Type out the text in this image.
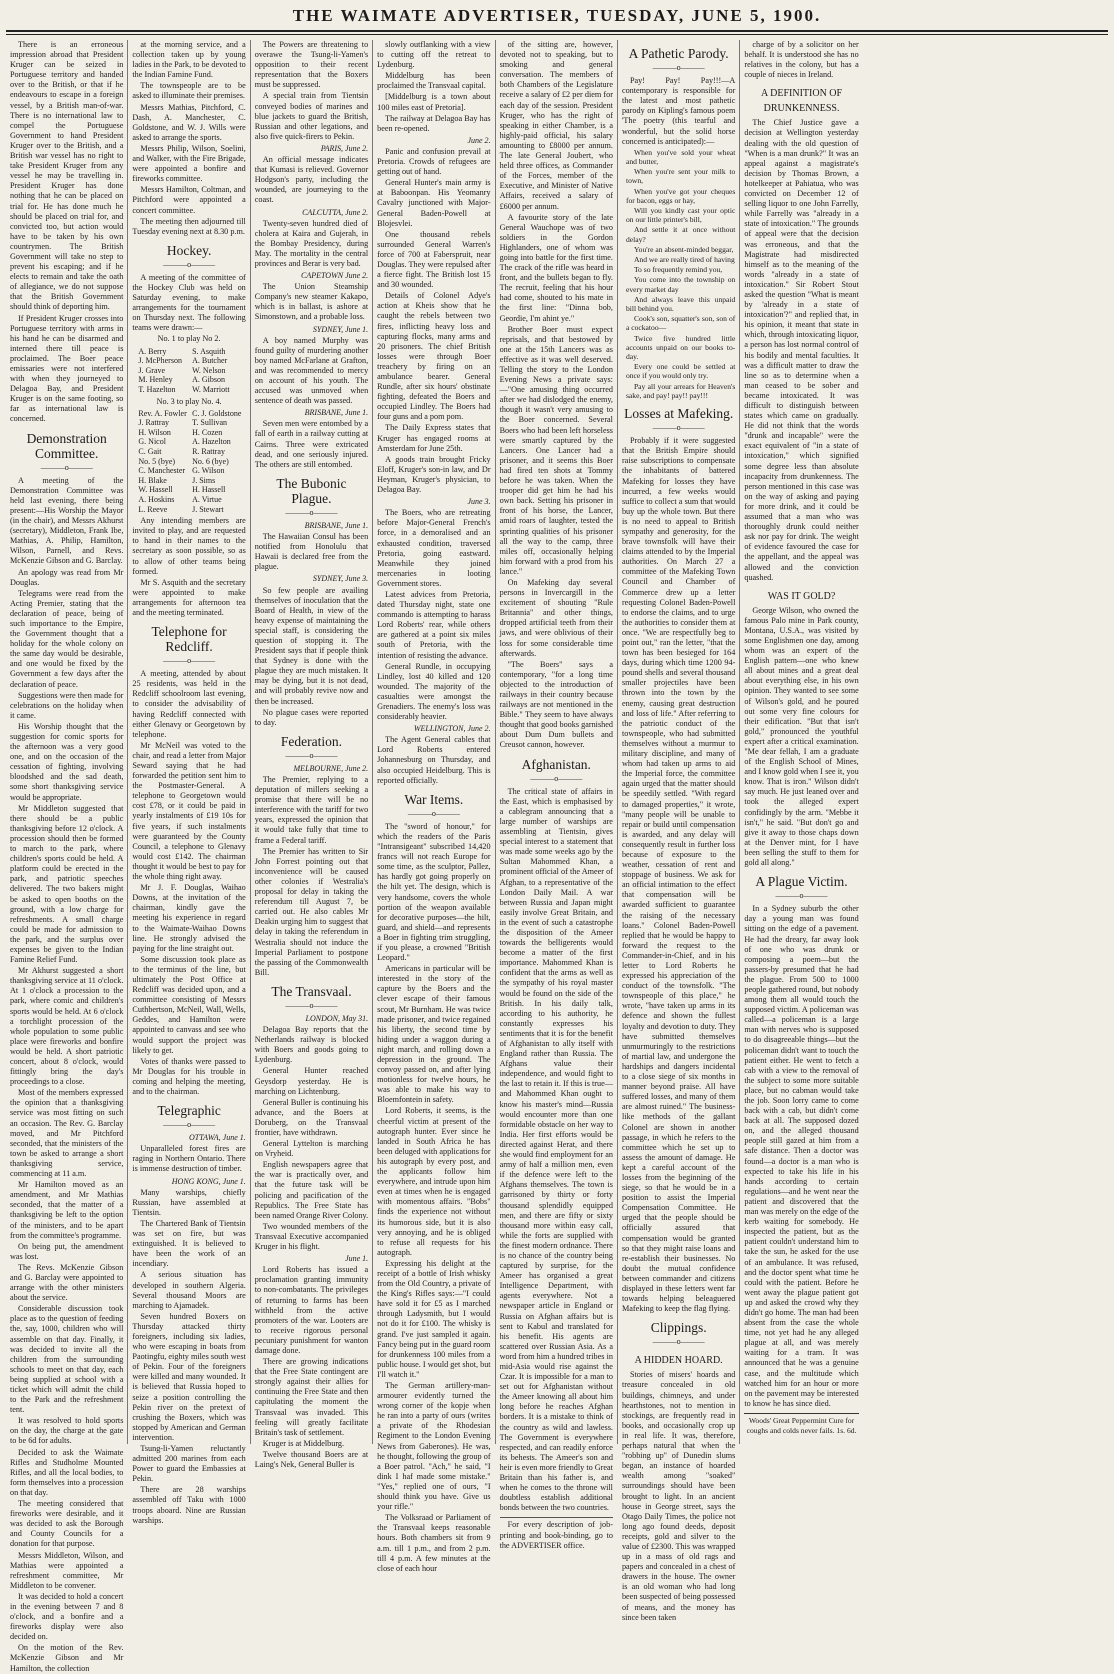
THE WAIMATE ADVERTISER, TUESDAY, JUNE 5, 1900.

There is an erroneous impression abroad that President Kruger can be seized in Portuguese territory and handed over to the British, or that if he endeavours to escape in a foreign vessel, by a British man-of-war. There is no international law to compel the Portuguese Government to hand President Kruger over to the British, and a British war vessel has no right to take President Kruger from any vessel he may be travelling in. President Kruger has done nothing that he can be placed on trial for. He has done much he should be placed on trial for, and convicted too, but action would have to be taken by his own countrymen. The British Government will take no step to prevent his escaping; and if he elects to remain and take the oath of allegiance, we do not suppose that the British Government should think of deporting him.

If President Kruger crosses into Portuguese territory with arms in his hand he can be disarmed and interned there till peace is proclaimed. The Boer peace emissaries were not interfered with when they journeyed to Delagoa Bay, and President Kruger is on the same footing, so far as international law is concerned.

Demonstration Committee.
———o———

A meeting of the Demonstration Committee was held last evening, there being present:—His Worship the Mayor (in the chair), and Messrs Akhurst (secretary), Middleton, Frank Ibe, Mathias, A. Philip, Hamilton, Wilson, Parnell, and Revs. McKenzie Gibson and G. Barclay.

An apology was read from Mr Douglas.

Telegrams were read from the Acting Premier, stating that the declaration of peace, being of such importance to the Empire, the Government thought that a holiday for the whole colony on the same day would be desirable, and one would be fixed by the Government a few days after the declaration of peace.

Suggestions were then made for celebrations on the holiday when it came.

His Worship thought that the suggestion for comic sports for the afternoon was a very good one, and on the occasion of the cessation of fighting, involving bloodshed and the sad death, some short thanksgiving service would be appropriate.

Mr Middleton suggested that there should be a public thanksgiving before 12 o'clock. A procession should then be formed to march to the park, where children's sports could be held. A platform could be erected in the park, and patriotic speeches delivered. The two bakers might be asked to open booths on the ground, with a low charge for refreshments. A small charge could be made for admission to the park, and the surplus over expenses be given to the Indian Famine Relief Fund.

Mr Akhurst suggested a short thanksgiving service at 11 o'clock. At 1 o'clock a procession to the park, where comic and children's sports would be held. At 6 o'clock a torchlight procession of the whole population to some public place were fireworks and bonfire would be held. A short patriotic concert, about 8 o'clock, would fittingly bring the day's proceedings to a close.

Most of the members expressed the opinion that a thanksgiving service was most fitting on such an occasion. The Rev. G. Barclay moved, and Mr Pitchford seconded, that the ministers of the town be asked to arrange a short thanksgiving service, commencing at 11 a.m.

Mr Hamilton moved as an amendment, and Mr Mathias seconded, that the matter of a thanksgiving be left to the option of the ministers, and to be apart from the committee's programme.

On being put, the amendment was lost.

The Revs. McKenzie Gibson and G. Barclay were appointed to arrange with the other ministers about the service.

Considerable discussion took place as to the question of feeding the, say, 1000, children who will assemble on that day. Finally, it was decided to invite all the children from the surrounding schools to meet on that day, each being supplied at school with a ticket which will admit the child to the Park and the refreshment tent.

It was resolved to hold sports on the day, the charge at the gate to be 6d for adults.

Decided to ask the Waimate Rifles and Studholme Mounted Rifles, and all the local bodies, to form themselves into a procession on that day.

The meeting considered that fireworks were desirable, and it was decided to ask the Borough and County Councils for a donation for that purpose.

Messrs Middleton, Wilson, and Mathias were appointed a refreshment committee, Mr Middleton to be convener.

It was decided to hold a concert in the evening between 7 and 8 o'clock, and a bonfire and a fireworks display were also decided on.

On the motion of the Rev. McKenzie Gibson and Mr Hamilton, the collection

at the morning service, and a collection taken up by young ladies in the Park, to be devoted to the Indian Famine Fund.

The townspeople are to be asked to illuminate their premises.

Messrs Mathias, Pitchford, C. Dash, A. Manchester, C. Goldstone, and W. J. Wills were asked to arrange the sports.

Messrs Philip, Wilson, Soelini, and Walker, with the Fire Brigade, were appointed a bonfire and fireworks committee.

Messrs Hamilton, Coltman, and Pitchford were appointed a concert committee.

The meeting then adjourned till Tuesday evening next at 8.30 p.m.

Hockey.
———o———

A meeting of the committee of the Hockey Club was held on Saturday evening, to make arrangements for the tournament on Thursday next. The following teams were drawn:—

No. 1 to play No 2.
A. Berry
J. McPherson
J. Grave
M. Henley
T. Hazelton
S. Asquith
A. Butcher
W. Nelson
A. Gibson
W. Marriott
No. 3 to play No. 4.
Rev. A. Fowler
J. Rattray
H. Wilson
G. Nicol
C. Gait
No. 5 (bye)
C. Manchester
H. Blake
W. Hassell
A. Hoskins
L. Reeve
C. J. Goldstone
T. Sullivan
H. Cozen
A. Hazelton
R. Rattray
No. 6 (bye)
G. Wilson
J. Sims
H. Hassell
A. Virtue
J. Stewart

Any intending members are invited to play, and are requested to hand in their names to the secretary as soon possible, so as to allow of other teams being formed.

Mr S. Asquith and the secretary were appointed to make arrangements for afternoon tea and the meeting terminated.

Telephone for Redcliff.
———o———

A meeting, attended by about 25 residents, was held in the Redcliff schoolroom last evening, to consider the advisability of having Redcliff connected with either Glenavy or Georgetown by telephone.

Mr McNeil was voted to the chair, and read a letter from Major Seward saying that he had forwarded the petition sent him to the Postmaster-General. A telephone to Georgetown would cost £78, or it could be paid in yearly instalments of £19 10s for five years, if such instalments were guaranteed by the County Council, a telephone to Glenavy would cost £142. The chairman thought it would be best to pay for the whole thing right away.

Mr J. F. Douglas, Waihao Downs, at the invitation of the chairman, kindly gave the meeting his experience in regard to the Waimate-Waihao Downs line. He strongly advised the paying for the line straight out.

Some discussion took place as to the terminus of the line, but ultimately the Post Office at Redcliff was decided upon, and a committee consisting of Messrs Cuthbertson, McNeil, Wall, Wells, Geddes, and Hamilton were appointed to canvass and see who would support the project was likely to get.

Votes of thanks were passed to Mr Douglas for his trouble in coming and helping the meeting, and to the chairman.

Telegraphic
———o———
OTTAWA, June 1.

Unparalleled forest fires are raging in Northern Ontario. There is immense destruction of timber.

HONG KONG, June 1.

Many warships, chiefly Russian, have assembled at Tientsin.

The Chartered Bank of Tientsin was set on fire, but was extinguished. It is believed to have been the work of an incendiary.

A serious situation has developed in southern Algeria. Several thousand Moors are marching to Ajamadek.

Seven hundred Boxers on Thursday attacked thirty foreigners, including six ladies, who were escaping in boats from Paotingfu, eighty miles south west of Pekin. Four of the foreigners were killed and many wounded. It is believed that Russia hoped to seize a position controlling the Pekin river on the pretext of crushing the Boxers, which was stopped by American and German intervention.

Tsung-li-Yamen reluctantly admitted 200 marines from each Power to guard the Embassies at Pekin.

There are 28 warships assembled off Taku with 1000 troops aboard. Nine are Russian warships.

The Powers are threatening to overawe the Tsung-li-Yamen's opposition to their recent representation that the Boxers must be suppressed.

A special train from Tientsin conveyed bodies of marines and blue jackets to guard the British, Russian and other legations, and also five quick-firers to Pekin.

PARIS, June 2.

An official message indicates that Kumasi is relieved. Governor Hodgson's party, including the wounded, are journeying to the coast.

CALCUTTA, June 2.

Twenty-seven hundred died of cholera at Kaira and Gujerah, in the Bombay Presidency, during May. The mortality in the central provinces and Berar is very bad.

CAPETOWN June 2.

The Union Steamship Company's new steamer Kakapo, which is in ballast, is ashore at Simonstown, and a probable loss.

SYDNEY, June 1.

A boy named Murphy was found guilty of murdering another boy named McFarlane at Grafton, and was recommended to mercy on account of his youth. The accused was unmoved when sentence of death was passed.

BRISBANE, June 1.

Seven men were entombed by a fall of earth in a railway cutting at Cairns. Three were extricated dead, and one seriously injured. The others are still entombed.

The Bubonic Plague.
———o———
BRISBANE, June 1.

The Hawaiian Consul has been notified from Honolulu that Hawaii is declared free from the plague.

SYDNEY, June 3.

So few people are availing themselves of inoculation that the Board of Health, in view of the heavy expense of maintaining the special staff, is considering the question of stopping it. The President says that if people think that Sydney is done with the plague they are much mistaken. It may be dying, but it is not dead, and will probably revive now and then be increased.

No plague cases were reported to day.

Federation.
———o———
MELBOURNE, June 2.

The Premier, replying to a deputation of millers seeking a promise that there will be no interference with the tariff for two years, expressed the opinion that it would take fully that time to frame a Federal tariff.

The Premier has written to Sir John Forrest pointing out that inconvenience will be caused other colonies if Westralia's proposal for delay in taking the referendum till August 7, be carried out. He also cables Mr Deakin urging him to suggest that delay in taking the referendum in Westralia should not induce the Imperial Parliament to postpone the passing of the Commonwealth Bill.

The Transvaal.
———o———
LONDON, May 31.

Delagoa Bay reports that the Netherlands railway is blocked with Boers and goods going to Lydenburg.

General Hunter reached Geysdorp yesterday. He is marching on Lichtenburg.

General Buller is continuing his advance, and the Boers at Doruberg, on the Transvaal frontier, have withdrawn.

General Lyttelton is marching on Vryheid.

English newspapers agree that the war is practically over, and that the future task will be policing and pacification of the Republics. The Free State has been named Orange River Colony.

Two wounded members of the Transvaal Executive accompanied Kruger in his flight.

June 1.

Lord Roberts has issued a proclamation granting immunity to non-combatants. The privileges of returning to farms has been withheld from the active promoters of the war. Looters are to receive rigorous personal pecuniary punishment for wanton damage done.

There are growing indications that the Free State contingent are strongly against their allies for continuing the Free State and then capitulating the moment the Transvaal was invaded. This feeling will greatly facilitate Britain's task of settlement.

Kruger is at Middelburg.

Twelve thousand Boers are at Laing's Nek, General Buller is

slowly outflanking with a view to cutting off the retreat to Lydenburg.

Middelburg has been proclaimed the Transvaal capital.

[Middelburg is a town about 100 miles east of Pretoria].

The railway at Delagoa Bay has been re-opened.

June 2.

Panic and confusion prevail at Pretoria. Crowds of refugees are getting out of hand.

General Hunter's main army is at Baboonpan. His Yeomanry Cavalry junctioned with Major-General Baden-Powell at Blojesvlei.

One thousand rebels surrounded General Warren's force of 700 at Faberspruit, near Douglas. They were repulsed after a fierce fight. The British lost 15 and 30 wounded.

Details of Colonel Adye's action at Kheis show that he caught the rebels between two fires, inflicting heavy loss and capturing flocks, many arms and 20 prisoners. The chief British losses were through Boer treachery by firing on an ambulance bearer. General Rundle, after six hours' obstinate fighting, defeated the Boers and occupied Lindley. The Boers had four guns and a pom pom.

The Daily Express states that Kruger has engaged rooms at Amsterdam for June 25th.

A goods train brought Fricky Eloff, Kruger's son-in law, and Dr Heyman, Kruger's physician, to Delagoa Bay.

June 3.

The Boers, who are retreating before Major-General French's force, in a demoralised and an exhausted condition, traversed Pretoria, going eastward. Meanwhile they joined mercenaries in looting Government stores.

Latest advices from Pretoria, dated Thursday night, state one commando is attempting to harass Lord Roberts' rear, while others are gathered at a point six miles south of Pretoria, with the intention of resisting the advance.

General Rundle, in occupying Lindley, lost 40 killed and 120 wounded. The majority of the casualties were amongst the Grenadiers. The enemy's loss was considerably heavier.

WELLINGTON, June 2.

The Agent General cables that Lord Roberts entered Johannesburg on Thursday, and also occupied Heidelburg. This is reported officially.

War Items.
———o———

The "sword of honour," for which the readers of the Paris "Intransigeant" subscribed 14,420 francs will not reach Europe for some time, as the sculptor, Pallez, has hardly got going properly on the hilt yet. The design, which is very handsome, covers the whole portion of the weapon available for decorative purposes—the hilt, guard, and shield—and represents a Boer in fighting trim struggling, if you please, a crowned "British Leopard."

Americans in particular will be interested in the story of the capture by the Boers and the clever escape of their famous scout, Mr Burnham. He was twice made prisoner, and twice regained his liberty, the second time by hiding under a waggon during a night march, and rolling down a depression in the ground. The convoy passed on, and after lying motionless for twelve hours, he was able to make his way to Bloemfontein in safety.

Lord Roberts, it seems, is the cheerful victim at present of the autograph hunter. Ever since he landed in South Africa he has been deluged with applications for his autograph by every post, and the applicants follow him everywhere, and intrude upon him even at times when he is engaged with momentous affairs. "Bobs" finds the experience not without its humorous side, but it is also very annoying, and he is obliged to refuse all requests for his autograph.

Expressing his delight at the receipt of a bottle of Irish whisky from the Old Country, a private of the King's Rifles says:—"I could have sold it for £5 as I marched through Ladysmith, but I would not do it for £100. The whisky is grand. I've just sampled it again. Fancy being put in the guard room for drunkenness 100 miles from a public house. I would get shot, but I'll watch it."

The German artillery-man-armourer evidently turned the wrong corner of the kopje when he ran into a party of ours (writes a private of the Rhodesian Regiment to the London Evening News from Gaberones). He was, he thought, following the group of a Boer patrol. "Ach," he said, "I dink I haf made some mistake." "Yes," replied one of ours, "I should think you have. Give us your rifle."

The Volksraad or Parliament of the Transvaal keeps reasonable hours. Both chambers sit from 9 a.m. till 1 p.m., and from 2 p.m. till 4 p.m. A few minutes at the close of each hour

of the sitting are, however, devoted not to speaking, but to smoking and general conversation. The members of both Chambers of the Legislature receive a salary of £2 per diem for each day of the session. President Kruger, who has the right of speaking in either Chamber, is a highly-paid official, his salary amounting to £8000 per annum. The late General Joubert, who held three offices, as Commander of the Forces, member of the Executive, and Minister of Native Affairs, received a salary of £6000 per annum.

A favourite story of the late General Wauchope was of two soldiers in the Gordon Highlanders, one of whom was going into battle for the first time. The crack of the rifle was heard in front, and the bullets began to fly. The recruit, feeling that his hour had come, shouted to his mate in the first line: "Dinna bob, Geordie, I'm ahint ye."

Brother Boer must expect reprisals, and that bestowed by one at the 15th Lancers was as effective as it was well deserved. Telling the story to the London Evening News a private says:—"One amusing thing occurred after we had dislodged the enemy, though it wasn't very amusing to the Boer concerned. Several Boers who had been left horseless were smartly captured by the Lancers. One Lancer had a prisoner, and it seems this Boer had fired ten shots at Tommy before he was taken. When the trooper did get him he had his own back. Setting his prisoner in front of his horse, the Lancer, amid roars of laughter, tested the sprinting qualities of his prisoner all the way to the camp, three miles off, occasionally helping him forward with a prod from his lance."

On Mafeking day several persons in Invercargill in the excitement of shouting "Rule Britannia" and other things, dropped artificial teeth from their jaws, and were oblivious of their loss for some considerable time afterwards.

"The Boers" says a contemporary, "for a long time objected to the introduction of railways in their country because railways are not mentioned in the Bible." They seem to have always thought that good books garnished about Dum Dum bullets and Creusot cannon, however.

Afghanistan.
———o———

The critical state of affairs in the East, which is emphasised by a cablegram announcing that a large number of warships are assembling at Tientsin, gives special interest to a statement that was made some weeks ago by the Sultan Mahommed Khan, a prominent official of the Ameer of Afghan, to a representative of the London Daily Mail. A war between Russia and Japan might easily involve Great Britain, and in the event of such a catastrophe the disposition of the Ameer towards the belligerents would become a matter of the first importance. Mahommed Khan is confident that the arms as well as the sympathy of his royal master would be found on the side of the British. In his daily talk, according to his authority, he constantly expresses his sentiments that it is for the benefit of Afghanistan to ally itself with England rather than Russia. The Afghans value their independence, and would fight to the last to retain it. If this is true—and Mahommed Khan ought to know his master's mind—Russia would encounter more than one formidable obstacle on her way to India. Her first efforts would be directed against Herat, and there she would find employment for an army of half a million men, even if the defence were left to the Afghans themselves. The town is garrisoned by thirty or forty thousand splendidly equipped men, and there are fifty or sixty thousand more within easy call, while the forts are supplied with the finest modern ordnance. There is no chance of the country being captured by surprise, for the Ameer has organised a great Intelligence Department, with agents everywhere. Not a newspaper article in England or Russia on Afghan affairs but is sent to Kabul and translated for his benefit. His agents are scattered over Russian Asia. As a word from him a hundred tribes in mid-Asia would rise against the Czar. It is impossible for a man to set out for Afghanistan without the Ameer knowing all about him long before he reaches Afghan borders. It is a mistake to think of the country as wild and lawless. The Government is everywhere respected, and can readily enforce its behests. The Ameer's son and heir is even more friendly to Great Britain than his father is, and when he comes to the throne will doubtless establish additional bonds between the two countries.

For every description of job-printing and book-binding, go to the ADVERTISER office.

A Pathetic Parody.
———o———

Pay! Pay! Pay!!!—A contemporary is responsible for the latest and most pathetic parody on Kipling's famous poem 'The poetry (this tearful and wonderful, but the solid horse concerned is anticipated):—

When you've sold your wheat and butter,

When you're sent your milk to town,

When you've got your cheques for bacon, eggs or hay,

Will you kindly cast your optic on our little printer's bill,

And settle it at once without delay?

You're an absent-minded beggar,

And we are really tired of having

To so frequently remind you,

You come into the township on every market day

And always leave this unpaid bill behind you.

Cook's son, squatter's son, son of a cockatoo—

Twice five hundred little accounts unpaid on our books to-day.

Every one could be settled at once if you would only try.

Pay all your arrears for Heaven's sake, and pay! pay!! pay!!!

Losses at Mafeking.
———o———

Probably if it were suggested that the British Empire should raise subscriptions to compensate the inhabitants of battered Mafeking for losses they have incurred, a few weeks would suffice to collect a sum that would buy up the whole town. But there is no need to appeal to British sympathy and generosity, for the brave townsfolk will have their claims attended to by the Imperial authorities. On March 27 a committee of the Mafeking Town Council and Chamber of Commerce drew up a letter requesting Colonel Baden-Powell to endorse the claims, and to urge the authorities to consider them at once. "We are respectfully beg to point out," ran the letter, "that the town has been besieged for 164 days, during which time 1200 94-pound shells and several thousand smaller projectiles have been thrown into the town by the enemy, causing great destruction and loss of life." After referring to the patriotic conduct of the townspeople, who had submitted themselves without a murmur to military discipline, and many of whom had taken up arms to aid the Imperial force, the committee again urged that the matter should be speedily settled. "With regard to damaged properties," it wrote, "many people will be unable to repair or build until compensation is awarded, and any delay will consequently result in further loss because of exposure to the weather, cessation of rent and stoppage of business. We ask for an official intimation to the effect that compensation will be awarded sufficient to guarantee the raising of the necessary loans." Colonel Baden-Powell replied that he would be happy to forward the request to the Commander-in-Chief, and in his letter to Lord Roberts he expressed his appreciation of the conduct of the townsfolk. "The townspeople of this place," he wrote, "have taken up arms in its defence and shown the fullest loyalty and devotion to duty. They have submitted themselves unmurmuringly to the restrictions of martial law, and undergone the hardships and dangers incidental to a close siege of six months in manner beyond praise. All have suffered losses, and many of them are almost ruined." The business-like methods of the gallant Colonel are shown in another passage, in which he refers to the committee which he set up to assess the amount of damage. He kept a careful account of the losses from the beginning of the siege, so that he would be in a position to assist the Imperial Compensation Committee. He urged that the people should be officially assured that compensation would be granted so that they might raise loans and re-establish their businesses. No doubt the mutual confidence between commander and citizens displayed in these letters went far towards helping beleaguered Mafeking to keep the flag flying.

Clippings.
———o———
A HIDDEN HOARD.

Stories of misers' hoards and treasure concealed in old buildings, chimneys, and under hearthstones, not to mention in stockings, are frequently read in books, and occasionally crop up in real life. It was, therefore, perhaps natural that when the "robbing up" of Dunedin slums began, an instance of hoarded wealth among "soaked" surroundings should have been brought to light. In an ancient house in George street, says the Otago Daily Times, the police not long ago found deeds, deposit receipts, gold and silver to the value of £2300. This was wrapped up in a mass of old rags and papers and concealed in a chest of drawers in the house. The owner is an old woman who had long been suspected of being possessed of means, and the money has since been taken

charge of by a solicitor on her behalf. It is understood she has no relatives in the colony, but has a couple of nieces in Ireland.

A DEFINITION OF DRUNKENNESS.

The Chief Justice gave a decision at Wellington yesterday dealing with the old question of "When is a man drunk?" It was an appeal against a magistrate's decision by Thomas Brown, a hotelkeeper at Pahiatua, who was convicted on December 12 of selling liquor to one John Farrelly, while Farrelly was "already in a state of intoxication." The grounds of appeal were that the decision was erroneous, and that the Magistrate had misdirected himself as to the meaning of the words "already in a state of intoxication." Sir Robert Stout asked the question "What is meant by 'already in a state of intoxication'?" and replied that, in his opinion, it meant that state in which, through intoxicating liquor, a person has lost normal control of his bodily and mental faculties. It was a difficult matter to draw the line so as to determine when a man ceased to be sober and became intoxicated. It was difficult to distinguish between states which came on gradually. He did not think that the words "drunk and incapable" were the exact equivalent of "in a state of intoxication," which signified some degree less than absolute incapacity from drunkenness. The person mentioned in this case was on the way of asking and paying for more drink, and it could be assumed that a man who was thoroughly drunk could neither ask nor pay for drink. The weight of evidence favoured the case for the appellant, and the appeal was allowed and the conviction quashed.

WAS IT GOLD?

George Wilson, who owned the famous Palo mine in Park county, Montana, U.S.A., was visited by some Englishmen one day, among whom was an expert of the English pattern—one who knew all about mines and a great deal about everything else, in his own opinion. They wanted to see some of Wilson's gold, and he poured out some very fine colours for their edification. "But that isn't gold," pronounced the youthful expert after a critical examination. "Me dear fellah, I am a graduate of the English School of Mines, and I know gold when I see it, you know. That is iron." Wilson didn't say much. He just leaned over and took the alleged expert confidingly by the arm. "Mebbe it isn't," he said. "But don't go and give it away to those chaps down at the Denver mint, for I have been selling the stuff to them for gold all along."

A Plague Victim.
———o———

In a Sydney suburb the other day a young man was found sitting on the edge of a pavement. He had the dreary, far away look of one who was drunk or composing a poem—but the passers-by presumed that he had the plague. From 500 to 1000 people gathered round, but nobody among them all would touch the supposed victim. A policeman was called—a policeman is a large man with nerves who is supposed to do disagreeable things—but the policeman didn't want to touch the patient either. He went to fetch a cab with a view to the removal of the subject to some more suitable place, but no cabman would take the job. Soon lorry came to come back with a cab, but didn't come back at all. The supposed dozed on, and the alleged thousand people still gazed at him from a safe distance. Then a doctor was found—a doctor is a man who is expected to take his life in his hands according to certain regulations—and he went near the patient and discovered that the man was merely on the edge of the kerb waiting for somebody. He inspected the patient, but as the patient couldn't understand him to take the sun, he asked for the use of an ambulance. It was refused, and the doctor spent what time he could with the patient. Before he went away the plague patient got up and asked the crowd why they didn't go home. The man had been absent from the case the whole time, not yet had he any alleged plague at all, and was merely waiting for a tram. It was announced that he was a genuine case, and the multitude which watched him for an hour or more on the pavement may be interested to know he has since died.

Woods' Great Peppermint Cure for coughs and colds never fails. 1s. 6d.
